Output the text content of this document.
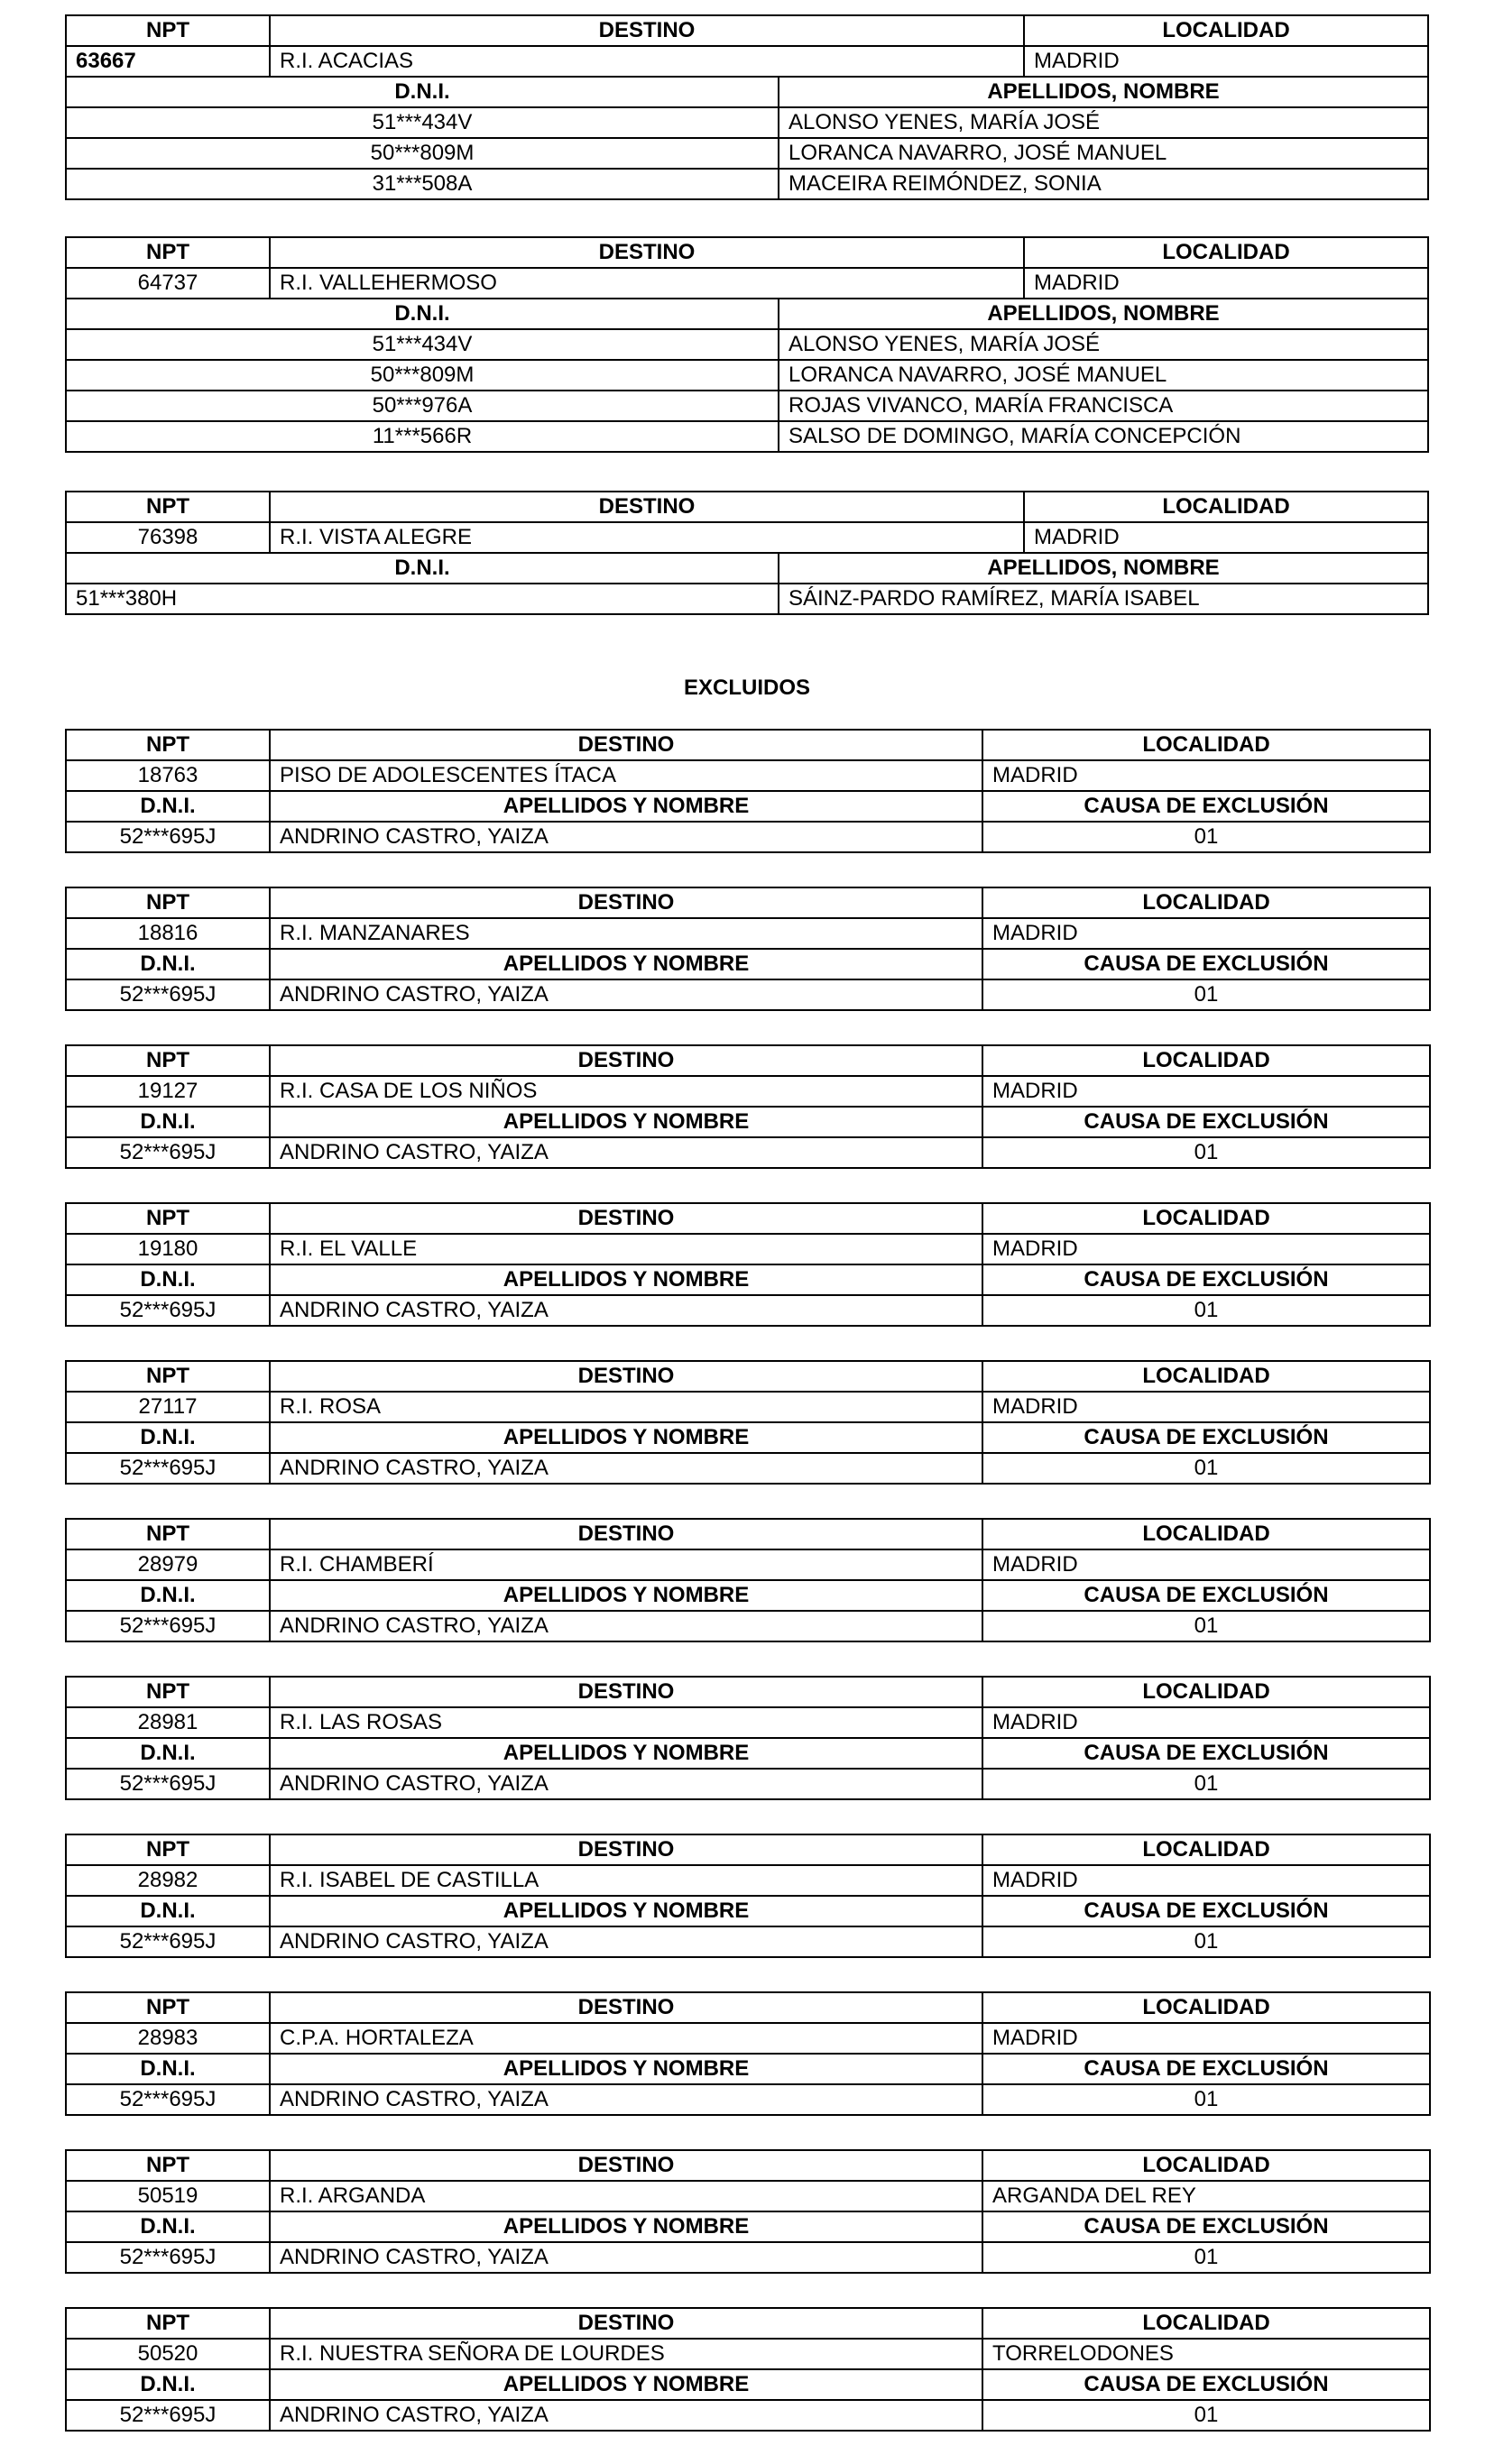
NPT	DESTINO		LOCALIDAD
63667	R.I. ACACIAS		MADRID
D.N.I.		APELLIDOS, NOMBRE	
51***434V		ALONSO YENES, MARÍA JOSÉ	
50***809M		LORANCA NAVARRO, JOSÉ MANUEL	
31***508A		MACEIRA REIMÓNDEZ, SONIA	
NPT	DESTINO		LOCALIDAD
64737	R.I. VALLEHERMOSO		MADRID
D.N.I.		APELLIDOS, NOMBRE	
51***434V		ALONSO YENES, MARÍA JOSÉ	
50***809M		LORANCA NAVARRO, JOSÉ MANUEL	
50***976A		ROJAS VIVANCO, MARÍA FRANCISCA	
11***566R		SALSO DE DOMINGO, MARÍA CONCEPCIÓN	
NPT	DESTINO		LOCALIDAD
76398	R.I. VISTA ALEGRE		MADRID
D.N.I.		APELLIDOS, NOMBRE	
51***380H		SÁINZ-PARDO RAMÍREZ, MARÍA ISABEL	
EXCLUIDOS
NPT	DESTINO	LOCALIDAD
18763	PISO DE ADOLESCENTES ÍTACA	MADRID
D.N.I.	APELLIDOS Y NOMBRE	CAUSA DE EXCLUSIÓN
52***695J	ANDRINO CASTRO, YAIZA	01
NPT	DESTINO	LOCALIDAD
18816	R.I. MANZANARES	MADRID
D.N.I.	APELLIDOS Y NOMBRE	CAUSA DE EXCLUSIÓN
52***695J	ANDRINO CASTRO, YAIZA	01
NPT	DESTINO	LOCALIDAD
19127	R.I. CASA DE LOS NIÑOS	MADRID
D.N.I.	APELLIDOS Y NOMBRE	CAUSA DE EXCLUSIÓN
52***695J	ANDRINO CASTRO, YAIZA	01
NPT	DESTINO	LOCALIDAD
19180	R.I. EL VALLE	MADRID
D.N.I.	APELLIDOS Y NOMBRE	CAUSA DE EXCLUSIÓN
52***695J	ANDRINO CASTRO, YAIZA	01
NPT	DESTINO	LOCALIDAD
27117	R.I. ROSA	MADRID
D.N.I.	APELLIDOS Y NOMBRE	CAUSA DE EXCLUSIÓN
52***695J	ANDRINO CASTRO, YAIZA	01
NPT	DESTINO	LOCALIDAD
28979	R.I. CHAMBERÍ	MADRID
D.N.I.	APELLIDOS Y NOMBRE	CAUSA DE EXCLUSIÓN
52***695J	ANDRINO CASTRO, YAIZA	01
NPT	DESTINO	LOCALIDAD
28981	R.I. LAS ROSAS	MADRID
D.N.I.	APELLIDOS Y NOMBRE	CAUSA DE EXCLUSIÓN
52***695J	ANDRINO CASTRO, YAIZA	01
NPT	DESTINO	LOCALIDAD
28982	R.I. ISABEL DE CASTILLA	MADRID
D.N.I.	APELLIDOS Y NOMBRE	CAUSA DE EXCLUSIÓN
52***695J	ANDRINO CASTRO, YAIZA	01
NPT	DESTINO	LOCALIDAD
28983	C.P.A. HORTALEZA	MADRID
D.N.I.	APELLIDOS Y NOMBRE	CAUSA DE EXCLUSIÓN
52***695J	ANDRINO CASTRO, YAIZA	01
NPT	DESTINO	LOCALIDAD
50519	R.I. ARGANDA	ARGANDA DEL REY
D.N.I.	APELLIDOS Y NOMBRE	CAUSA DE EXCLUSIÓN
52***695J	ANDRINO CASTRO, YAIZA	01
NPT	DESTINO	LOCALIDAD
50520	R.I. NUESTRA SEÑORA DE LOURDES	TORRELODONES
D.N.I.	APELLIDOS Y NOMBRE	CAUSA DE EXCLUSIÓN
52***695J	ANDRINO CASTRO, YAIZA	01
